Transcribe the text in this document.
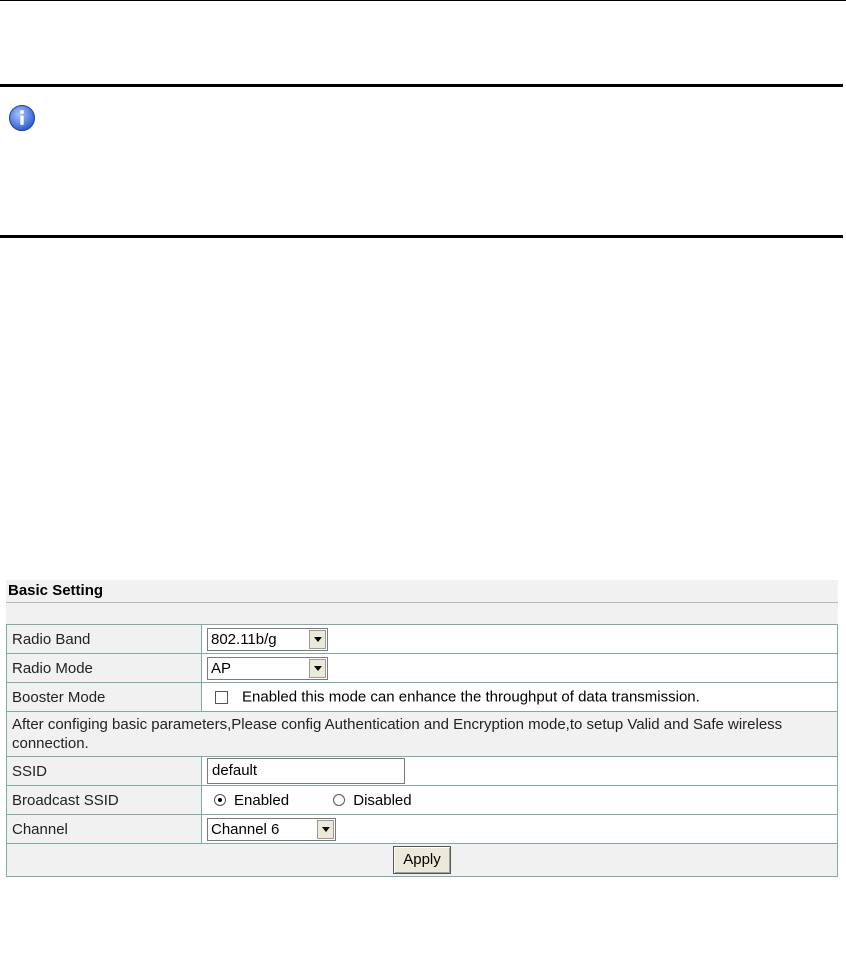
Basic Setting
Radio Band	802.11b/g

Radio Mode	AP

Booster Mode	Enabled this mode can enhance the throughput of data transmission.
After configing basic parameters,Please config Authentication and Encryption mode,to setup Valid and Safe wireless connection.	
SSID	default
Broadcast SSID	Enabled Disabled
Channel	Channel 6

Apply	
